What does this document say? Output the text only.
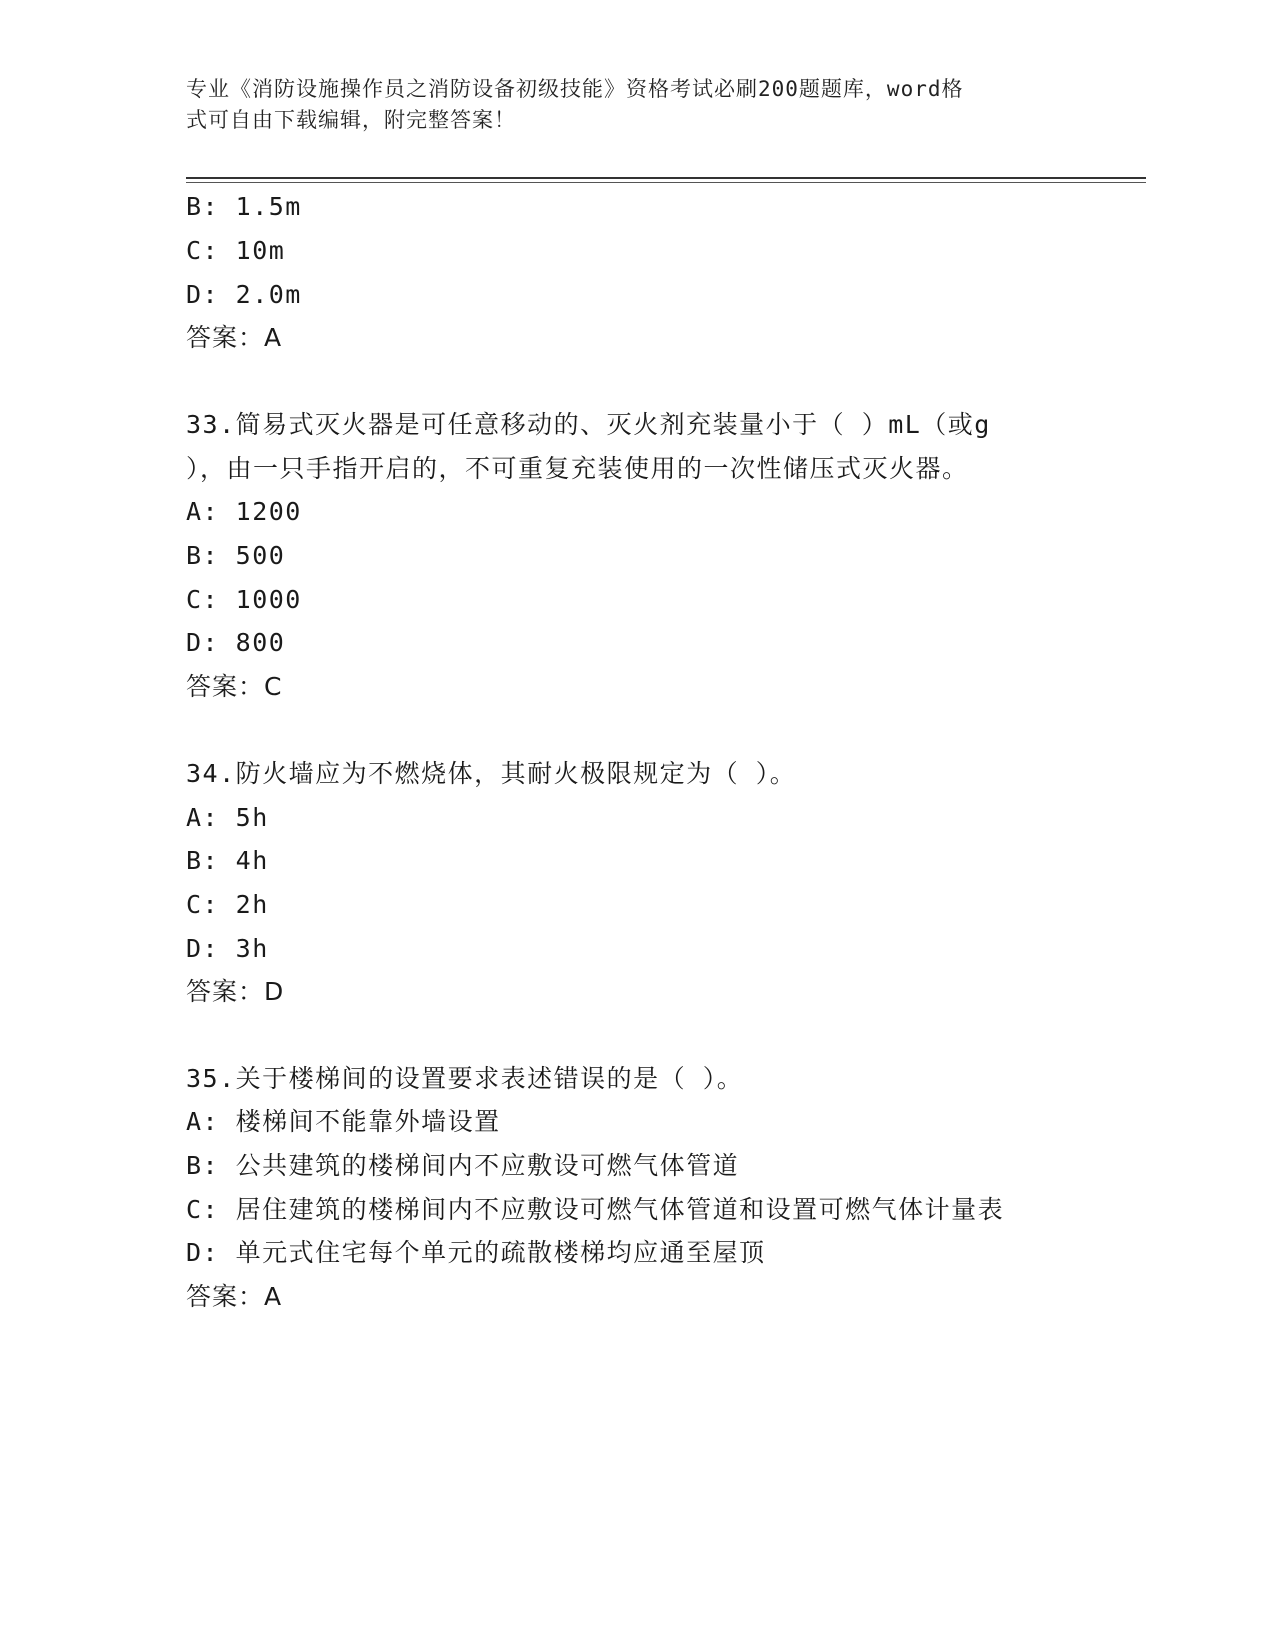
专业《消防设施操作员之消防设备初级技能》资格考试必刷200题题库，word格
式可自由下载编辑，附完整答案！
B: 1.5m
C: 10m
D: 2.0m
答案：A
33.简易式灭火器是可任意移动的、灭火剂充装量小于（ ）mL（或g
），由一只手指开启的，不可重复充装使用的一次性储压式灭火器。
A: 1200
B: 500
C: 1000
D: 800
答案：C
34.防火墙应为不燃烧体，其耐火极限规定为（ ）。
A: 5h
B: 4h
C: 2h
D: 3h
答案：D
35.关于楼梯间的设置要求表述错误的是（ ）。
A: 楼梯间不能靠外墙设置
B: 公共建筑的楼梯间内不应敷设可燃气体管道
C: 居住建筑的楼梯间内不应敷设可燃气体管道和设置可燃气体计量表
D: 单元式住宅每个单元的疏散楼梯均应通至屋顶
答案：A
